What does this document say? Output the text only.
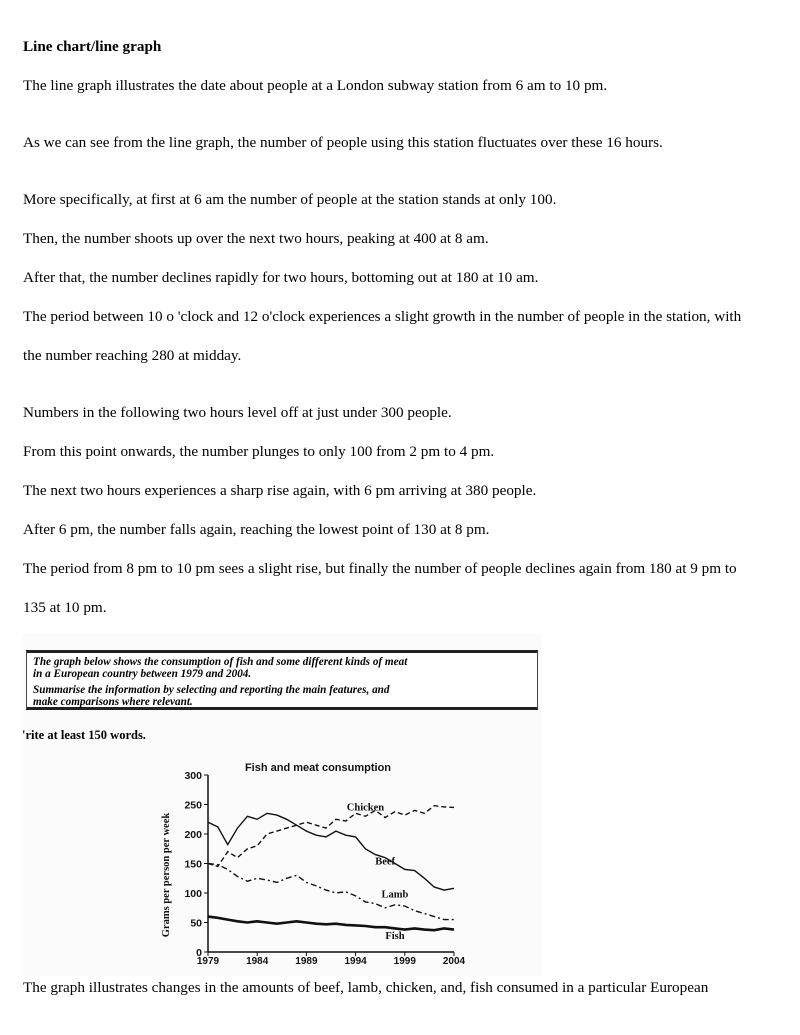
Line chart/line graph
The line graph illustrates the date about people at a London subway station from 6 am to 10 pm.
As we can see from the line graph, the number of people using this station fluctuates over these 16 hours.
More specifically, at first at 6 am the number of people at the station stands at only 100.
Then, the number shoots up over the next two hours, peaking at 400 at 8 am.
After that, the number declines rapidly for two hours, bottoming out at 180 at 10 am.
The period between 10 o 'clock and 12 o'clock experiences a slight growth in the number of people in the station, with
the number reaching 280 at midday.
Numbers in the following two hours level off at just under 300 people.
From this point onwards, the number plunges to only 100 from 2 pm to 4 pm.
The next two hours experiences a sharp rise again, with 6 pm arriving at 380 people.
After 6 pm, the number falls again, reaching the lowest point of 130 at 8 pm.
The period from 8 pm to 10 pm sees a slight rise, but finally the number of people declines again from 180 at 9 pm to
135 at 10 pm.

The graph below shows the consumption of fish and some different kinds of meat

in a European country between 1979 and 2004.

Summarise the information by selecting and reporting the main features, and

make comparisons where relevant.

'rite at least 150 words.
Fish and meat consumption
Grams per person per week
0
50
100
150
200
250
300
1979	1984	1989	1994	1999	2004
Chicken
Beef
Lamb
Fish
The graph illustrates changes in the amounts of beef, lamb, chicken, and, fish consumed in a particular European
